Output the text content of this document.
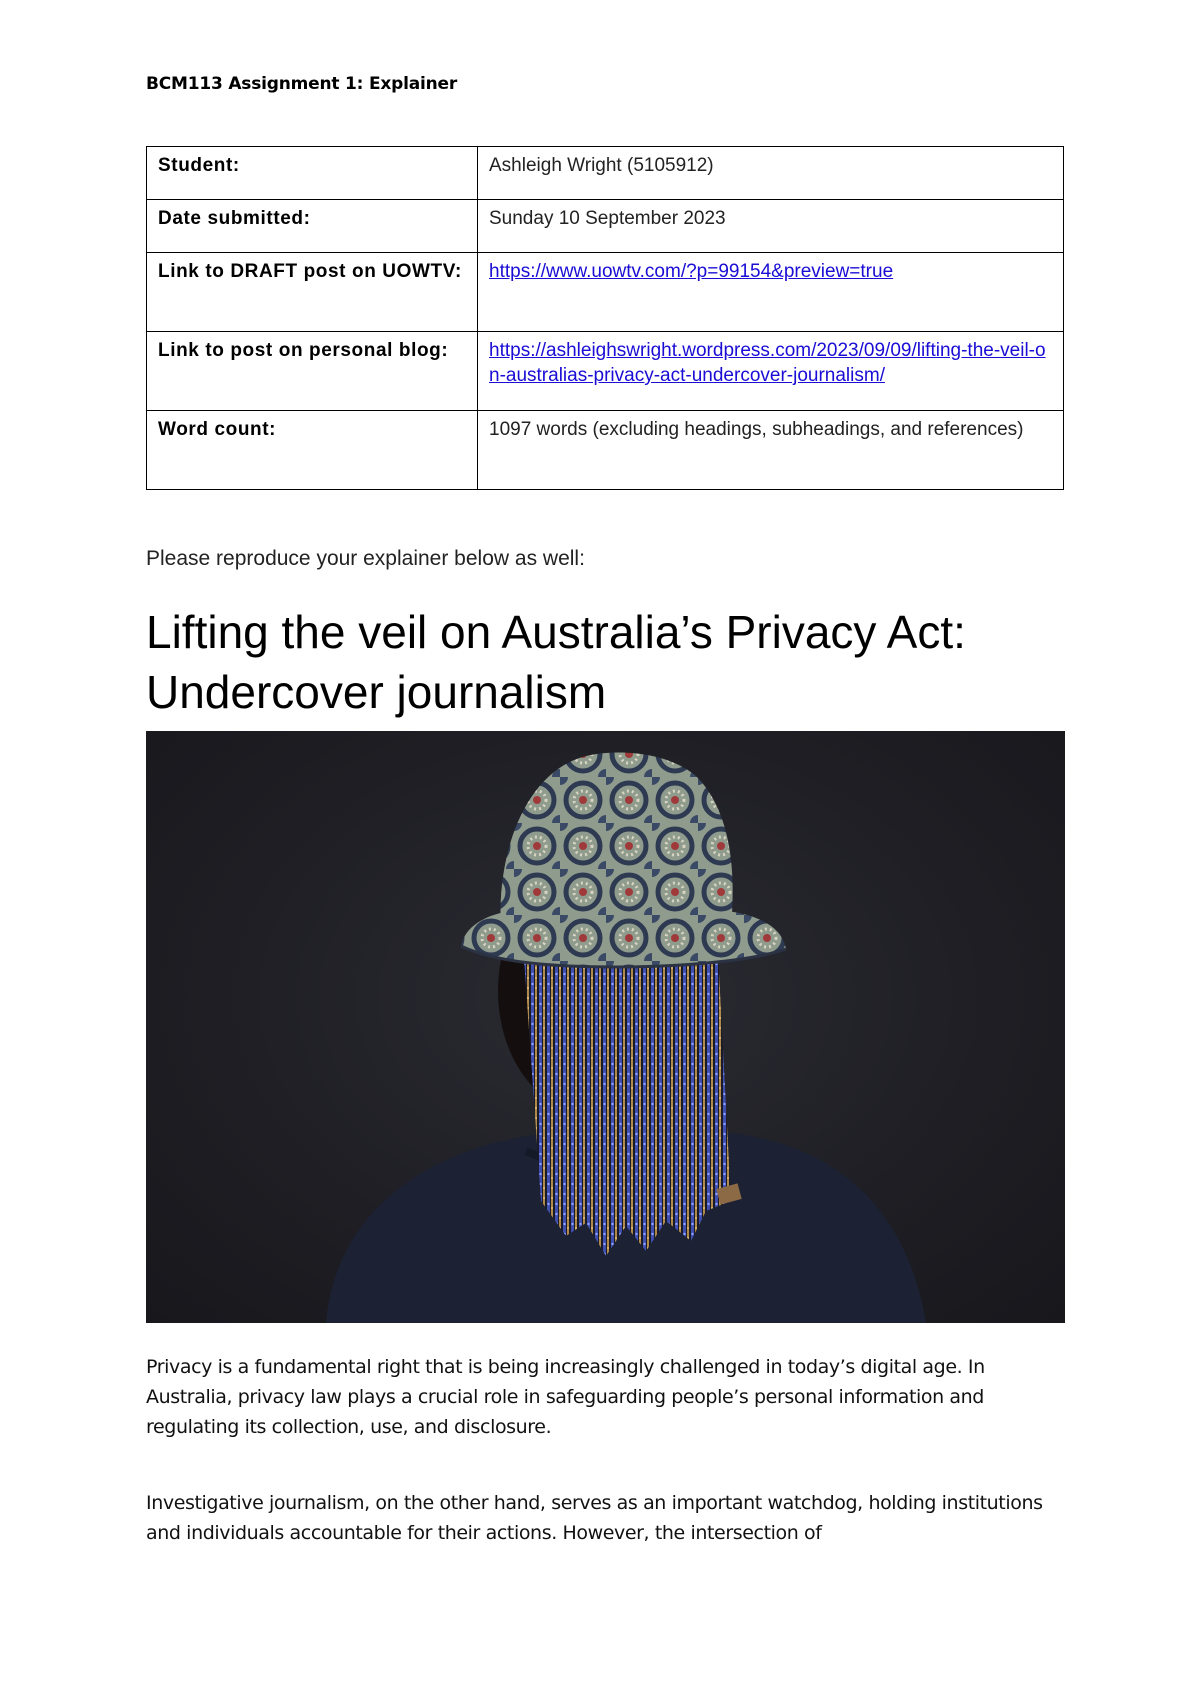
BCM113 Assignment 1: Explainer
Student:	Ashleigh Wright (5105912)
Date submitted:	Sunday 10 September 2023
Link to DRAFT post on UOWTV:	https://www.uowtv.com/?p=99154&preview=true
Link to post on personal blog:	https://ashleighswright.wordpress.com/2023/09/09/lifting-the-veil-on-australias-privacy-act-undercover-journalism/
Word count:	1097 words (excluding headings, subheadings, and references)
Please reproduce your explainer below as well:
Lifting the veil on Australia’s Privacy Act: Undercover journalism

Privacy is a fundamental right that is being increasingly challenged in today’s digital age. In Australia, privacy law plays a crucial role in safeguarding people’s personal information and regulating its collection, use, and disclosure.

Investigative journalism, on the other hand, serves as an important watchdog, holding institutions and individuals accountable for their actions. However, the intersection of
